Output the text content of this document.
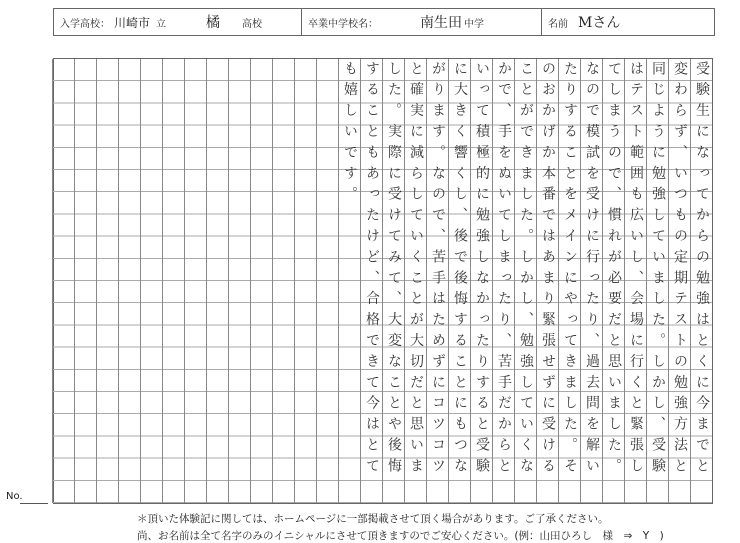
入学高校： 川崎市 立	橘 高校	卒業中学校名：	南生田 中学	名前 Mさん
受験生になってからの勉強はとくに今までと
変わらず、いつもの定期テストの勉強方法と
同じように勉強していました。しかし、受験
はテスト範囲も広いし、会場に行くと緊張し
てしまうので、慣れが必要だと思いました。
なので模試を受けに行ったり、過去問を解い
たりすることをメインにやってきました。そ
のおかげか本番ではあまり緊張せずに受ける
ことができました。しかし、勉強していくな
かで、手をぬいてしまったり、苦手だからと
いって積極的に勉強しなかったりすると受験
に大きく響くし、後で後悔することにもつな
がります。なので、苦手はためずにコツコツ
と確実に減らしていくことが大切だと思いま
した。実際に受けてみて、大変なことや後悔
することもあったけど、合格できて今はとて
も嬉しいです。
No.
＊頂いた体験記に関しては、ホームページに一部掲載させて頂く場合があります。ご了承ください。
尚、お名前は全て名字のみのイニシャルにさせて頂きますのでご安心ください。(例：山田ひろし　様　⇒　Y　)
